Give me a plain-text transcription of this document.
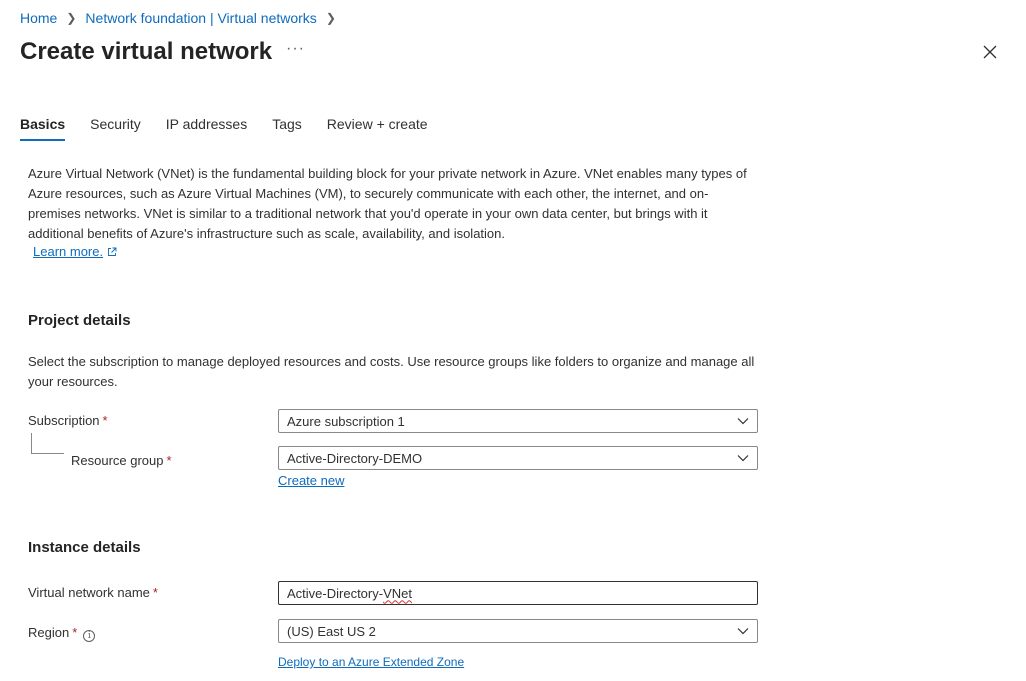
Home ❯ Network foundation | Virtual networks ❯
Create virtual network ···
Basics Security IP addresses Tags Review + create

Azure Virtual Network (VNet) is the fundamental building block for your private network in Azure. VNet enables many types of Azure resources, such as Azure Virtual Machines (VM), to securely communicate with each other, the internet, and on-premises networks. VNet is similar to a traditional network that you'd operate in your own data center, but brings with it additional benefits of Azure's infrastructure such as scale, availability, and isolation.

Learn more.
Project details

Select the subscription to manage deployed resources and costs. Use resource groups like folders to organize and manage all your resources.

Subscription *	Azure subscription 1
Resource group *	Active-Directory-DEMO
Create new
Instance details
Virtual network name *	Active-Directory-VNet
Region * i	(US) East US 2
Deploy to an Azure Extended Zone
